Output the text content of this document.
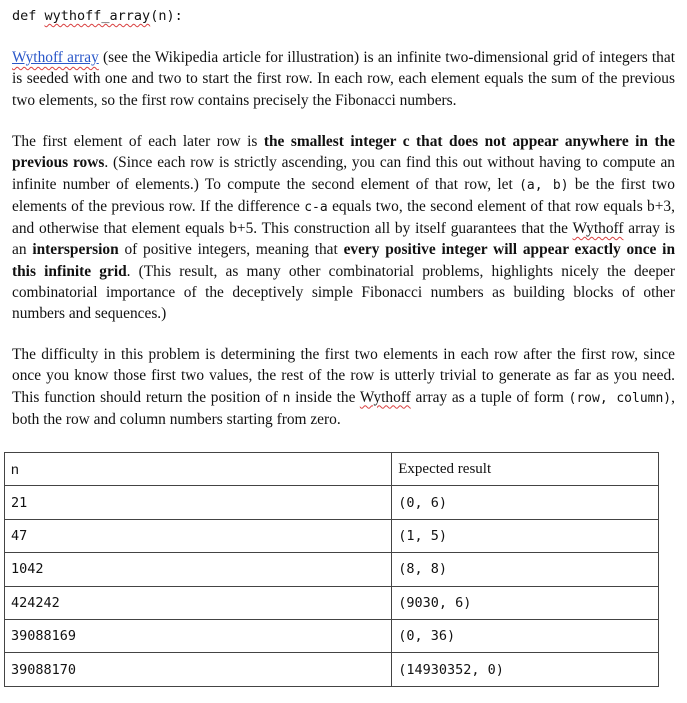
def wythoff_array(n):

Wythoff array (see the Wikipedia article for illustration) is an infinite two-dimensional grid of integers that is seeded with one and two to start the first row. In each row, each element equals the sum of the previous two elements, so the first row contains precisely the Fibonacci numbers.

The first element of each later row is the smallest integer c that does not appear anywhere in the previous rows. (Since each row is strictly ascending, you can find this out without having to compute an infinite number of elements.) To compute the second element of that row, let (a, b) be the first two elements of the previous row. If the difference c-a equals two, the second element of that row equals b+3, and otherwise that element equals b+5. This construction all by itself guarantees that the Wythoff array is an interspersion of positive integers, meaning that every positive integer will appear exactly once in this infinite grid. (This result, as many other combinatorial problems, highlights nicely the deeper combinatorial importance of the deceptively simple Fibonacci numbers as building blocks of other numbers and sequences.)

The difficulty in this problem is determining the first two elements in each row after the first row, since once you know those first two values, the rest of the row is utterly trivial to generate as far as you need. This function should return the position of n inside the Wythoff array as a tuple of form (row, column), both the row and column numbers starting from zero.

n	Expected result
21	(0, 6)
47	(1, 5)
1042	(8, 8)
424242	(9030, 6)
39088169	(0, 36)
39088170	(14930352, 0)
